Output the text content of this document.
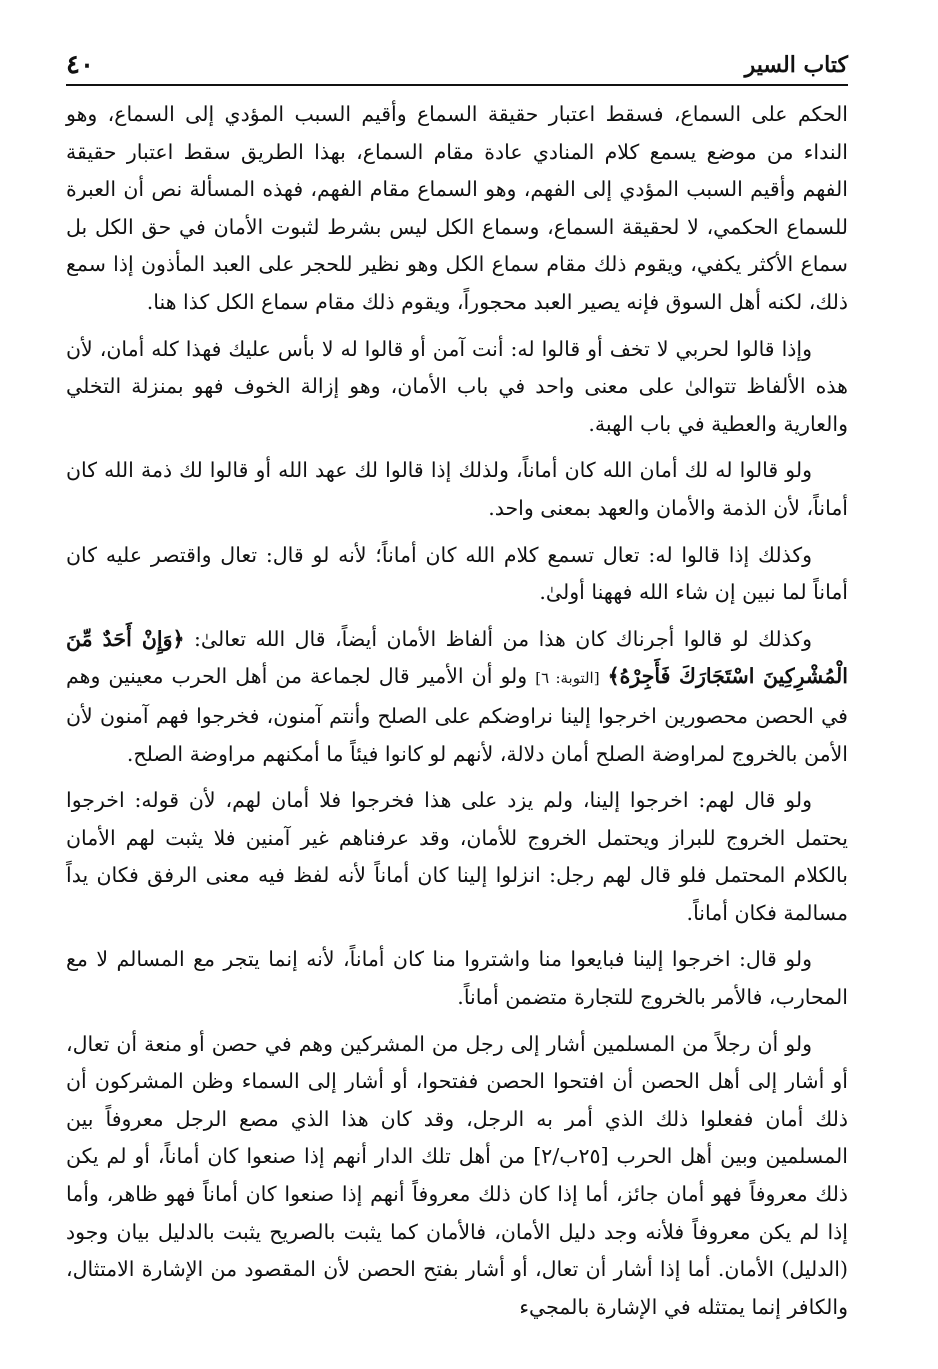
٤٠	كتاب السير

الحكم على السماع، فسقط اعتبار حقيقة السماع وأقيم السبب المؤدي إلى السماع، وهو النداء من موضع يسمع كلام المنادي عادة مقام السماع، بهذا الطريق سقط اعتبار حقيقة الفهم وأقيم السبب المؤدي إلى الفهم، وهو السماع مقام الفهم، فهذه المسألة نص أن العبرة للسماع الحكمي، لا لحقيقة السماع، وسماع الكل ليس بشرط لثبوت الأمان في حق الكل بل سماع الأكثر يكفي، ويقوم ذلك مقام سماع الكل وهو نظير للحجر على العبد المأذون إذا سمع ذلك، لكنه أهل السوق فإنه يصير العبد محجوراً، ويقوم ذلك مقام سماع الكل كذا هنا.

وإذا قالوا لحربي لا تخف أو قالوا له: أنت آمن أو قالوا له لا بأس عليك فهذا كله أمان، لأن هذه الألفاظ تتوالىٰ على معنى واحد في باب الأمان، وهو إزالة الخوف فهو بمنزلة التخلي والعارية والعطية في باب الهبة.

ولو قالوا له لك أمان الله كان أماناً، ولذلك إذا قالوا لك عهد الله أو قالوا لك ذمة الله كان أماناً، لأن الذمة والأمان والعهد بمعنى واحد.

وكذلك إذا قالوا له: تعال تسمع كلام الله كان أماناً؛ لأنه لو قال: تعال واقتصر عليه كان أماناً لما نبين إن شاء الله فههنا أولىٰ.

وكذلك لو قالوا أجرناك كان هذا من ألفاظ الأمان أيضاً، قال الله تعالىٰ: ﴿وَإِنْ أَحَدٌ مِّنَ الْمُشْرِكِينَ اسْتَجَارَكَ فَأَجِرْهُ﴾ [التوبة: ٦] ولو أن الأمير قال لجماعة من أهل الحرب معينين وهم في الحصن محصورين اخرجوا إلينا نراوضكم على الصلح وأنتم آمنون، فخرجوا فهم آمنون لأن الأمن بالخروج لمراوضة الصلح أمان دلالة، لأنهم لو كانوا فيئاً ما أمكنهم مراوضة الصلح.

ولو قال لهم: اخرجوا إلينا، ولم يزد على هذا فخرجوا فلا أمان لهم، لأن قوله: اخرجوا يحتمل الخروج للبراز ويحتمل الخروج للأمان، وقد عرفناهم غير آمنين فلا يثبت لهم الأمان بالكلام المحتمل فلو قال لهم رجل: انزلوا إلينا كان أماناً لأنه لفظ فيه معنى الرفق فكان يداً مسالمة فكان أماناً.

ولو قال: اخرجوا إلينا فبايعوا منا واشتروا منا كان أماناً، لأنه إنما يتجر مع المسالم لا مع المحارب، فالأمر بالخروج للتجارة متضمن أماناً.

ولو أن رجلاً من المسلمين أشار إلى رجل من المشركين وهم في حصن أو منعة أن تعال، أو أشار إلى أهل الحصن أن افتحوا الحصن ففتحوا، أو أشار إلى السماء وظن المشركون أن ذلك أمان ففعلوا ذلك الذي أمر به الرجل، وقد كان هذا الذي مصع الرجل معروفاً بين المسلمين وبين أهل الحرب [٢٥ب/٢] من أهل تلك الدار أنهم إذا صنعوا كان أماناً، أو لم يكن ذلك معروفاً فهو أمان جائز، أما إذا كان ذلك معروفاً أنهم إذا صنعوا كان أماناً فهو ظاهر، وأما إذا لم يكن معروفاً فلأنه وجد دليل الأمان، فالأمان كما يثبت بالصريح يثبت بالدليل بيان وجود (الدليل) الأمان. أما إذا أشار أن تعال، أو أشار بفتح الحصن لأن المقصود من الإشارة الامتثال، والكافر إنما يمتثله في الإشارة بالمجيء
